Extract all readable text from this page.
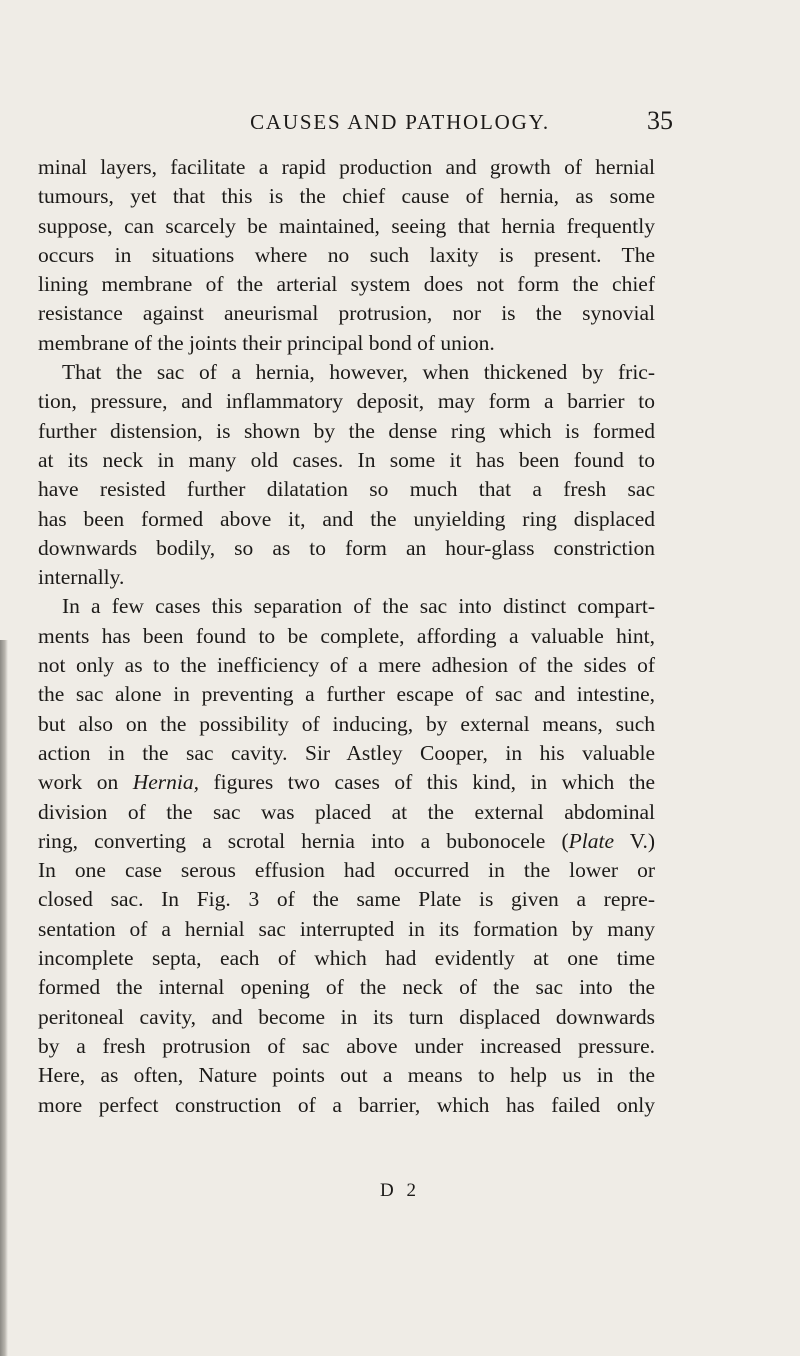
CAUSES AND PATHOLOGY.	35
minal layers, facilitate a rapid production and growth of hernial
tumours, yet that this is the chief cause of hernia, as some
suppose, can scarcely be maintained, seeing that hernia frequently
occurs in situations where no such laxity is present. The
lining membrane of the arterial system does not form the chief
resistance against aneurismal protrusion, nor is the synovial
membrane of the joints their principal bond of union.
That the sac of a hernia, however, when thickened by fric-
tion, pressure, and inflammatory deposit, may form a barrier to
further distension, is shown by the dense ring which is formed
at its neck in many old cases. In some it has been found to
have resisted further dilatation so much that a fresh sac
has been formed above it, and the unyielding ring displaced
downwards bodily, so as to form an hour-glass constriction
internally.
In a few cases this separation of the sac into distinct compart-
ments has been found to be complete, affording a valuable hint,
not only as to the inefficiency of a mere adhesion of the sides of
the sac alone in preventing a further escape of sac and intestine,
but also on the possibility of inducing, by external means, such
action in the sac cavity. Sir Astley Cooper, in his valuable
work on Hernia, figures two cases of this kind, in which the
division of the sac was placed at the external abdominal
ring, converting a scrotal hernia into a bubonocele (Plate V.)
In one case serous effusion had occurred in the lower or
closed sac. In Fig. 3 of the same Plate is given a repre-
sentation of a hernial sac interrupted in its formation by many
incomplete septa, each of which had evidently at one time
formed the internal opening of the neck of the sac into the
peritoneal cavity, and become in its turn displaced downwards
by a fresh protrusion of sac above under increased pressure.
Here, as often, Nature points out a means to help us in the
more perfect construction of a barrier, which has failed only
D 2
